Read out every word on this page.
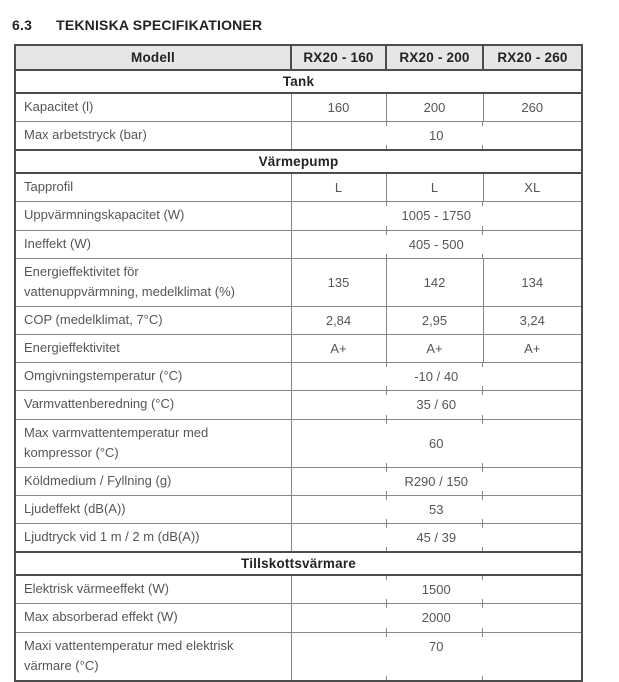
6.3 TEKNISKA SPECIFIKATIONER
Modell	RX20 - 160	RX20 - 200	RX20 - 260
Tank			
Kapacitet (l)	160	200	260
Max arbetstryck (bar)	10		
Värmepump			
Tapprofil	L	L	XL
Uppvärmningskapacitet (W)	1005 - 1750		
Ineffekt (W)	405 - 500		

Energieffektivitet för
vattenuppvärmning, medelklimat (%)	135	142	134
COP (medelklimat, 7°C)	2,84	2,95	3,24
Energieffektivitet	A+	A+	A+
Omgivningstemperatur (°C)	-10 / 40		
Varmvattenberedning (°C)	35 / 60		

Max varmvattentemperatur med
kompressor (°C)	60		
Köldmedium / Fyllning (g)	R290 / 150		
Ljudeffekt (dB(A))	53		
Ljudtryck vid 1 m / 2 m (dB(A))	45 / 39		
Tillskottsvärmare			
Elektrisk värmeeffekt (W)	1500		
Max absorberad effekt (W)	2000		

Maxi vattentemperatur med elektrisk
värmare (°C)	70		
